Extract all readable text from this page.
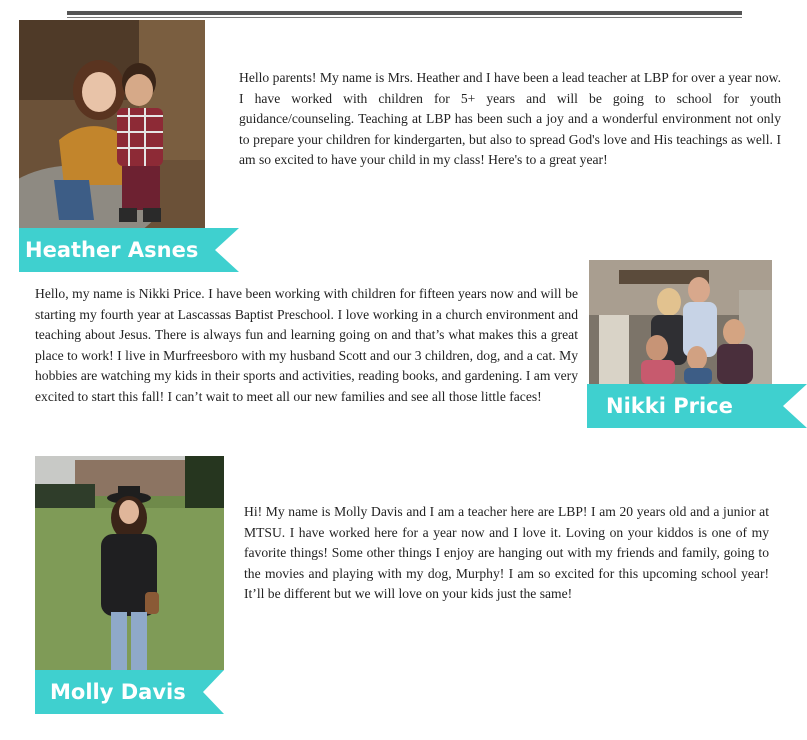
Heather Asnes

Hello parents! My name is Mrs. Heather and I have been a lead teacher at LBP for over a year now. I have worked with children for 5+ years and will be going to school for youth guidance/counseling. Teaching at LBP has been such a joy and a wonderful environment not only to prepare your children for kindergarten, but also to spread God's love and His teachings as well. I am so excited to have your child in my class! Here's to a great year!

Hello, my name is Nikki Price. I have been working with children for fifteen years now and will be starting my fourth year at Lascassas Baptist Preschool. I love working in a church environment and teaching about Jesus. There is always fun and learning going on and that’s what makes this a great place to work! I live in Murfreesboro with my husband Scott and our 3 children, dog, and a cat. My hobbies are watching my kids in their sports and activities, reading books, and gardening. I am very excited to start this fall! I can’t wait to meet all our new families and see all those little faces!	Nikki Price
Molly Davis

Hi! My name is Molly Davis and I am a teacher here are LBP! I am 20 years old and a junior at MTSU. I have worked here for a year now and I love it. Loving on your kiddos is one of my favorite things! Some other things I enjoy are hanging out with my friends and family, going to the movies and playing with my dog, Murphy! I am so excited for this upcoming school year! It’ll be different but we will love on your kids just the same!
